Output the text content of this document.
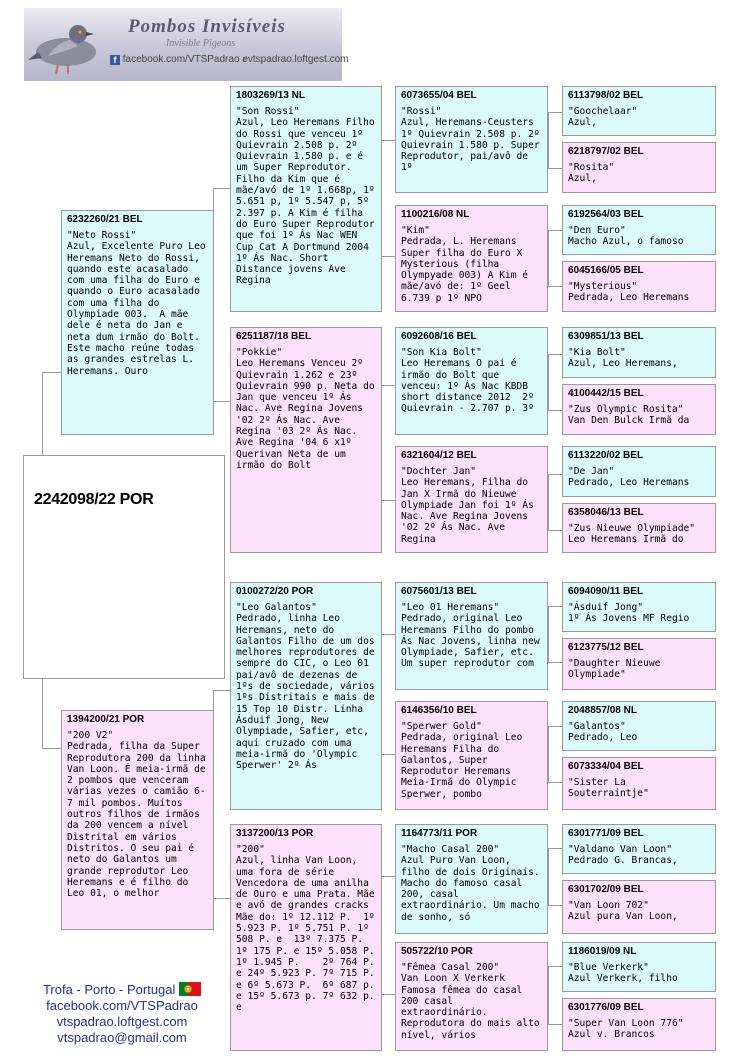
Pombos Invisíveis
Invisible Pigeons
f facebook.com/VTSPadrao evtspadrao.loftgest.com
2242098/22 POR
6232260/21 BEL
"Neto Rossi"
Azul, Excelente Puro Leo Heremans Neto do Rossi, quando este acasalado com uma filha do Euro e quando o Euro acasalado com uma filha do Olympiade 003.  A mãe dele é neta do Jan e neta dum irmão do Bolt. Este macho reúne todas as grandes estrelas L. Heremans. Ouro
1394200/21 POR
"200 V2"
Pedrada, filha da Super Reprodutora 200 da linha Van Loon. É meia-irmã de 2 pombos que venceram várias vezes o camião 6-7 mil pombos. Muitos outros filhos de irmãos da 200 vencem a nível Distrital em vários Distritos. O seu pai é neto do Galantos um grande reprodutor Leo Heremans e é filho do Leo 01, o melhor
1803269/13 NL
"Son Rossi"
Azul, Leo Heremans Filho do Rossi que venceu 1º Quievrain 2.508 p. 2º Quievrain 1.580 p. e é um Super Reprodutor. Filho da Kim que é mãe/avó de 1º 1.668p, 1º 5.651 p, 1º 5.547 p, 5º 2.397 p. A Kim é filha do Euro Super Reprodutor que foi 1º Ás Nac WEN Cup Cat A Dortmund 2004 1º Ás Nac. Short Distance jovens Ave Regina
6251187/18 BEL
"Pokkie"
Leo Heremans Venceu 2º Quievrain 1.262 e 23º Quievrain 990 p. Neta do Jan que venceu 1º Ás Nac. Ave Regina Jovens '02 2º Ás Nac. Ave Regina '03 2º Ás Nac. Ave Regina '04 6 x1º Querivan Neta de um irmão do Bolt
0100272/20 POR
"Leo Galantos"
Pedrado, linha Leo Heremans, neto do Galantos Filho de um dos melhores reprodutores de sempre do CIC, o Leo 01 pai/avô de dezenas de 1ºs de sociedade, vários 1ºs Distritais e mais de 15 Top 10 Distr. Linha Ásduif Jong, New Olympiade, Safier, etc, aqui cruzado com uma meia-irmã do 'Olympic Sperwer' 2º Ás
3137200/13 POR
"200"
Azul, linha Van Loon, uma fora de série Vencedora de uma anilha de Ouro e uma Prata. Mãe e avó de grandes cracks Mãe do: 1º 12.112 P.  1º 5.923 P. 1º 5.751 P. 1º 508 P. e  13º 7.375 P.  1º 175 P. e 15º 5.058 P.  1º 1.945 P.    2º 764 P. e 24º 5.923 P. 7º 715 P. e 6º 5.673 P.  6º 687 p. e 15º 5.673 p. 7º 632 p. e
6073655/04 BEL
"Rossi"
Azul, Heremans-Ceusters 1º Quievrain 2.508 p. 2º Quievrain 1.580 p. Super Reprodutor, pai/avô de 1º
1100216/08 NL
"Kim"
Pedrada, L. Heremans Super filha do Euro X Mysterious (filha Olympyade 003) A Kim é mãe/avó de: 1º Geel 6.739 p 1º NPO
6092608/16 BEL
"Son Kia Bolt"
Leo Heremans O pai é irmão do Bolt que venceu: 1º Ás Nac KBDB short distance 2012  2º  Quievrain - 2.707 p. 3º
6321604/12 BEL
"Dochter Jan"
Leo Heremans, Filha do Jan X Irmã do Nieuwe Olympiade Jan foi 1º Ás Nac. Ave Regina Jovens '02 2º Ás Nac. Ave Regina
6075601/13 BEL
"Leo 01 Heremans"
Pedrado, original Leo Heremans Filho do pombo Ás Nac Jovens, linha new Olympiade, Safier, etc. Um super reprodutor com
6146356/10 BEL
"Sperwer Gold"
Pedrada, original Leo Heremans Filha do Galantos, Super Reprodutor Heremans Meia-Irmã do Olympic Sperwer, pombo
1164773/11 POR
"Macho Casal 200"
Azul Puro Van Loon, filho de dois Originais. Macho do famoso casal 200, casal extraordinário. Um macho de sonho, só
505722/10 POR
"Fêmea Casal 200"
Van Loon X Verkerk Famosa fêmea do casal 200 casal extraordinário. Reprodutora do mais alto nível, vários
6113798/02 BEL
"Goochelaar"
Azul,
6218797/02 BEL
"Rosita"
Azul,
6192564/03 BEL
"Den Euro"
Macho Azul, o famoso
6045166/05 BEL
"Mysterious"
Pedrada, Leo Heremans
6309851/13 BEL
"Kia Bolt"
Azul, Leo Heremans,
4100442/15 BEL
"Zus Olympic Rosita"
Van Den Bulck Irmã da
6113220/02 BEL
"De Jan"
Pedrado, Leo Heremans
6358046/13 BEL
"Zus Nieuwe Olympiade"
Leo Heremans Irmã do
6094090/11 BEL
"Ásduif Jong"
1º Ás Jovens MF Regio
6123775/12 BEL
"Daughter Nieuwe Olympiade"
2048857/08 NL
"Galantos"
Pedrado, Leo
6073334/04 BEL
"Sister La Souterraintje"
6301771/09 BEL
"Valdano Van Loon"
Pedrado G. Brancas,
6301702/09 BEL
"Van Loon 702"
Azul pura Van Loon,
1186019/09 NL
"Blue Verkerk"
Azul Verkerk, filho
6301776/09 BEL
"Super Van Loon 776"
Azul v. Brancos
Trofa - Porto - Portugal
facebook.com/VTSPadrao
vtspadrao.loftgest.com
vtspadrao@gmail.com
